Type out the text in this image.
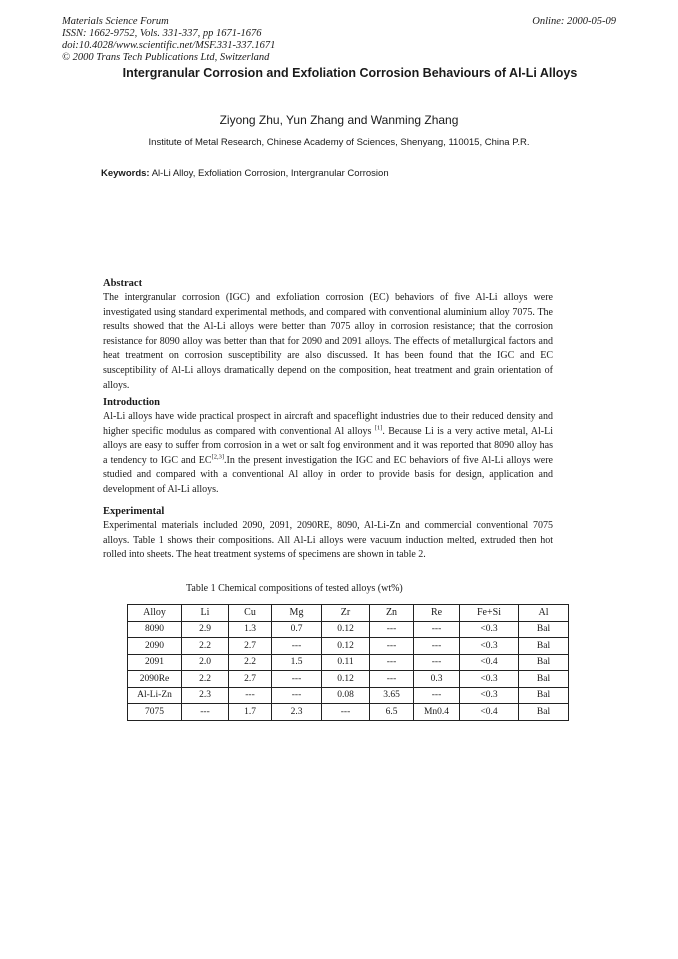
Materials Science Forum
ISSN: 1662-9752, Vols. 331-337, pp 1671-1676
doi:10.4028/www.scientific.net/MSF.331-337.1671
© 2000 Trans Tech Publications Ltd, Switzerland
Online: 2000-05-09
Intergranular Corrosion and Exfoliation Corrosion Behaviours of Al-Li Alloys
Ziyong Zhu, Yun Zhang and Wanming Zhang
Institute of Metal Research, Chinese Academy of Sciences, Shenyang, 110015, China P.R.
Keywords: Al-Li Alloy, Exfoliation Corrosion, Intergranular Corrosion
Abstract

The intergranular corrosion (IGC) and exfoliation corrosion (EC) behaviors of five Al-Li alloys were investigated using standard experimental methods, and compared with conventional aluminium alloy 7075. The results showed that the Al-Li alloys were better than 7075 alloy in corrosion resistance; that the corrosion resistance for 8090 alloy was better than that for 2090 and 2091 alloys. The effects of metallurgical factors and heat treatment on corrosion susceptibility are also discussed. It has been found that the IGC and EC susceptibility of Al-Li alloys dramatically depend on the composition, heat treatment and grain orientation of alloys.

Introduction

Al-Li alloys have wide practical prospect in aircraft and spaceflight industries due to their reduced density and higher specific modulus as compared with conventional Al alloys [1]. Because Li is a very active metal, Al-Li alloys are easy to suffer from corrosion in a wet or salt fog environment and it was reported that 8090 alloy has a tendency to IGC and EC[2,3].In the present investigation the IGC and EC behaviors of five Al-Li alloys were studied and compared with a conventional Al alloy in order to provide basis for design, application and development of Al-Li alloys.

Experimental

Experimental materials included 2090, 2091, 2090RE, 8090, Al-Li-Zn and commercial conventional 7075 alloys. Table 1 shows their compositions. All Al-Li alloys were vacuum induction melted, extruded then hot rolled into sheets. The heat treatment systems of specimens are shown in table 2.

Table 1 Chemical compositions of tested alloys (wt%)
Alloy	Li	Cu	Mg	Zr	Zn	Re	Fe+Si	Al
8090	2.9	1.3	0.7	0.12	---	---	<0.3	Bal
2090	2.2	2.7	---	0.12	---	---	<0.3	Bal
2091	2.0	2.2	1.5	0.11	---	---	<0.4	Bal
2090Re	2.2	2.7	---	0.12	---	0.3	<0.3	Bal
Al-Li-Zn	2.3	---	---	0.08	3.65	---	<0.3	Bal
7075	---	1.7	2.3	---	6.5	Mn0.4	<0.4	Bal
